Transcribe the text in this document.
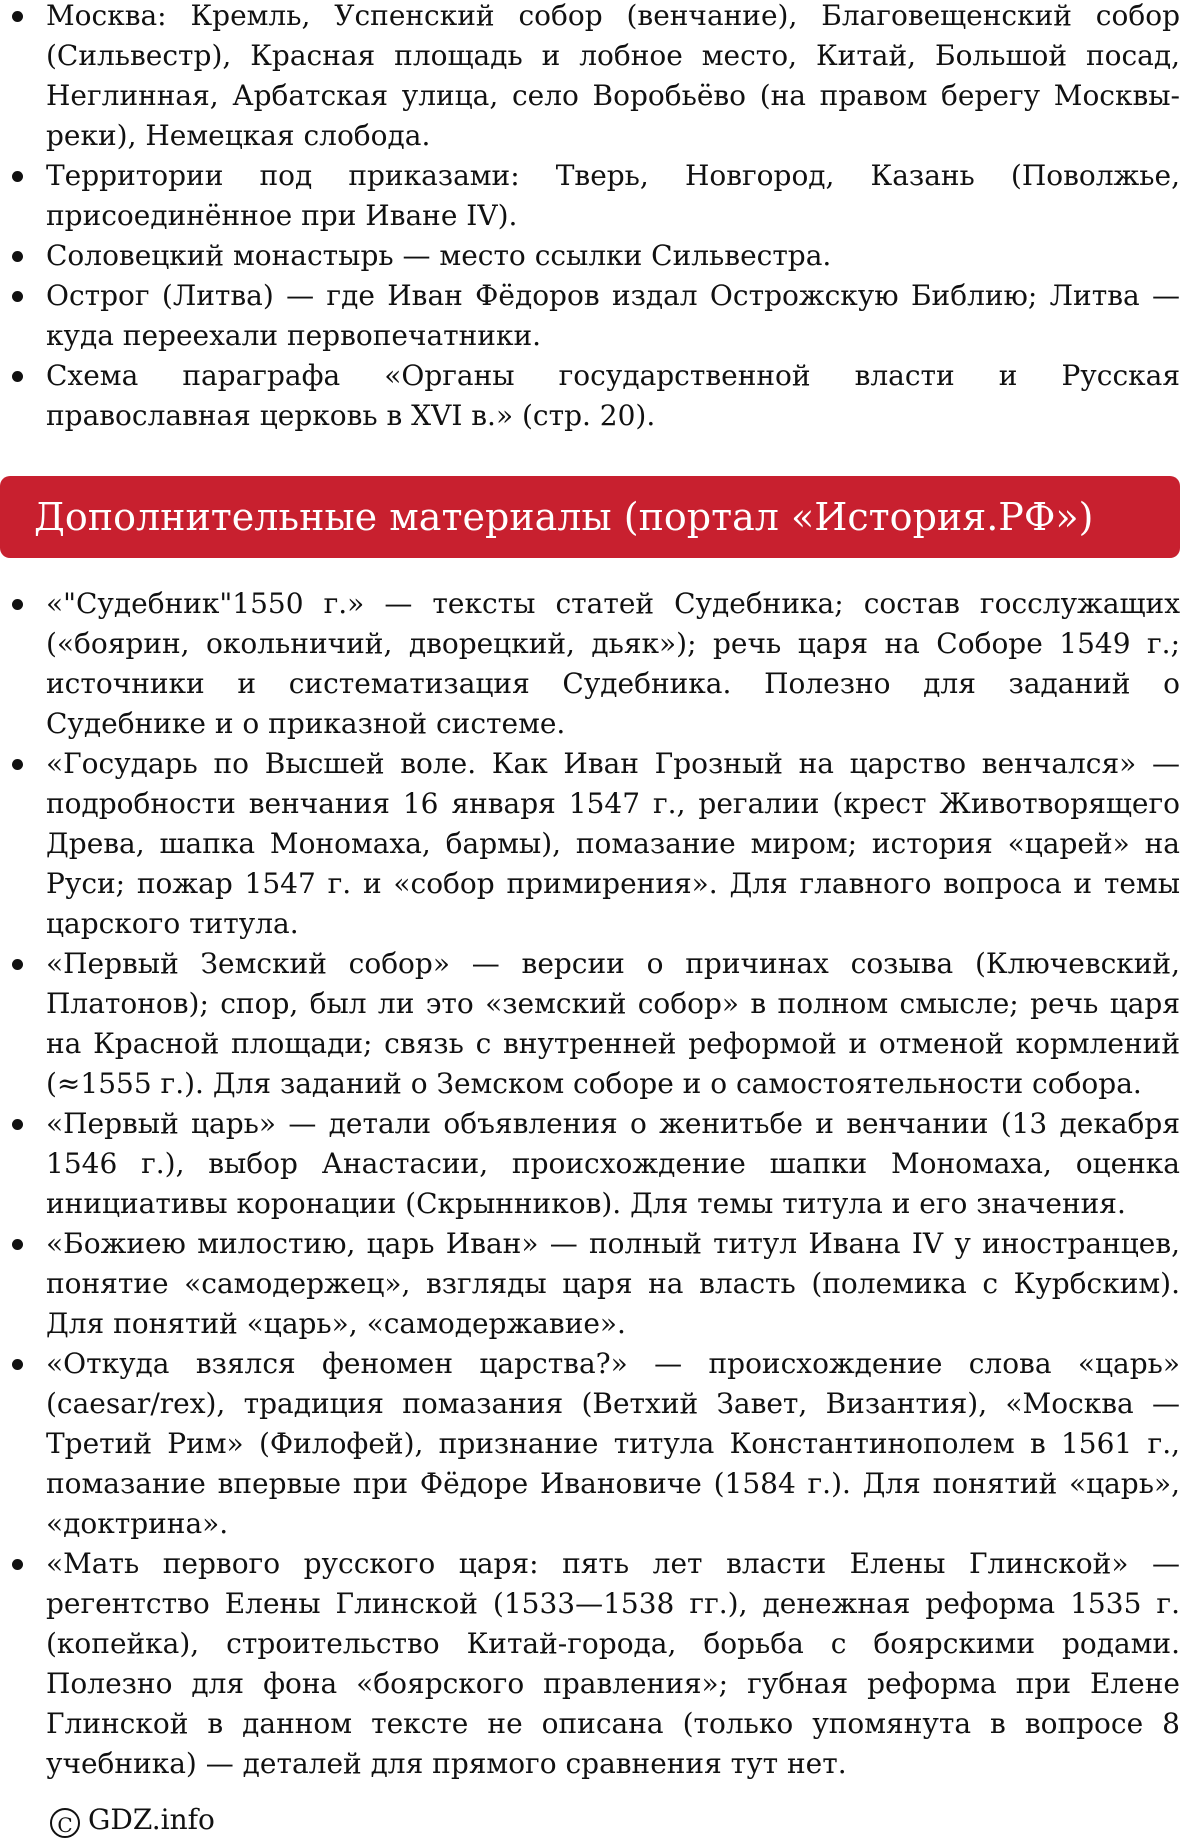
Москва: Кремль, Успенский собор (венчание), Благовещенский собор (Сильвестр), Красная площадь и лобное место, Китай, Большой посад, Неглинная, Арбатская улица, село Воробьёво (на правом берегу Москвы-реки), Немецкая слобода.
Территории под приказами: Тверь, Новгород, Казань (Поволжье, присоединённое при Иване IV).
Соловецкий монастырь — место ссылки Сильвестра.
Острог (Литва) — где Иван Фёдоров издал Острожскую Библию; Литва — куда переехали первопечатники.
Схема параграфа «Органы государственной власти и Русская православная церковь в XVI в.» (стр. 20).
Дополнительные материалы (портал «История.РФ»)
«"Судебник"1550 г.» — тексты статей Судебника; состав госслужащих («боярин, окольничий, дворецкий, дьяк»); речь царя на Соборе 1549 г.; источники и систематизация Судебника. Полезно для заданий о Судебнике и о приказной системе.
«Государь по Высшей воле. Как Иван Грозный на царство венчался» — подробности венчания 16 января 1547 г., регалии (крест Животворящего Древа, шапка Мономаха, бармы), помазание миром; история «царей» на Руси; пожар 1547 г. и «собор примирения». Для главного вопроса и темы царского титула.
«Первый Земский собор» — версии о причинах созыва (Ключевский, Платонов); спор, был ли это «земский собор» в полном смысле; речь царя на Красной площади; связь с внутренней реформой и отменой кормлений (≈1555 г.). Для заданий о Земском соборе и о самостоятельности собора.
«Первый царь» — детали объявления о женитьбе и венчании (13 декабря 1546 г.), выбор Анастасии, происхождение шапки Мономаха, оценка инициативы коронации (Скрынников). Для темы титула и его значения.
«Божиею милостию, царь Иван» — полный титул Ивана IV у иностранцев, понятие «самодержец», взгляды царя на власть (полемика с Курбским). Для понятий «царь», «самодержавие».
«Откуда взялся феномен царства?» — происхождение слова «царь» (caesar/rex), традиция помазания (Ветхий Завет, Византия), «Москва — Третий Рим» (Филофей), признание титула Константинополем в 1561 г., помазание впервые при Фёдоре Ивановиче (1584 г.). Для понятий «царь», «доктрина».
«Мать первого русского царя: пять лет власти Елены Глинской» — регентство Елены Глинской (1533—1538 гг.), денежная реформа 1535 г. (копейка), строительство Китай-города, борьба с боярскими родами. Полезно для фона «боярского правления»; губная реформа при Елене Глинской в данном тексте не описана (только упомянута в вопросе 8 учебника) — деталей для прямого сравнения тут нет.
C GDZ.info
